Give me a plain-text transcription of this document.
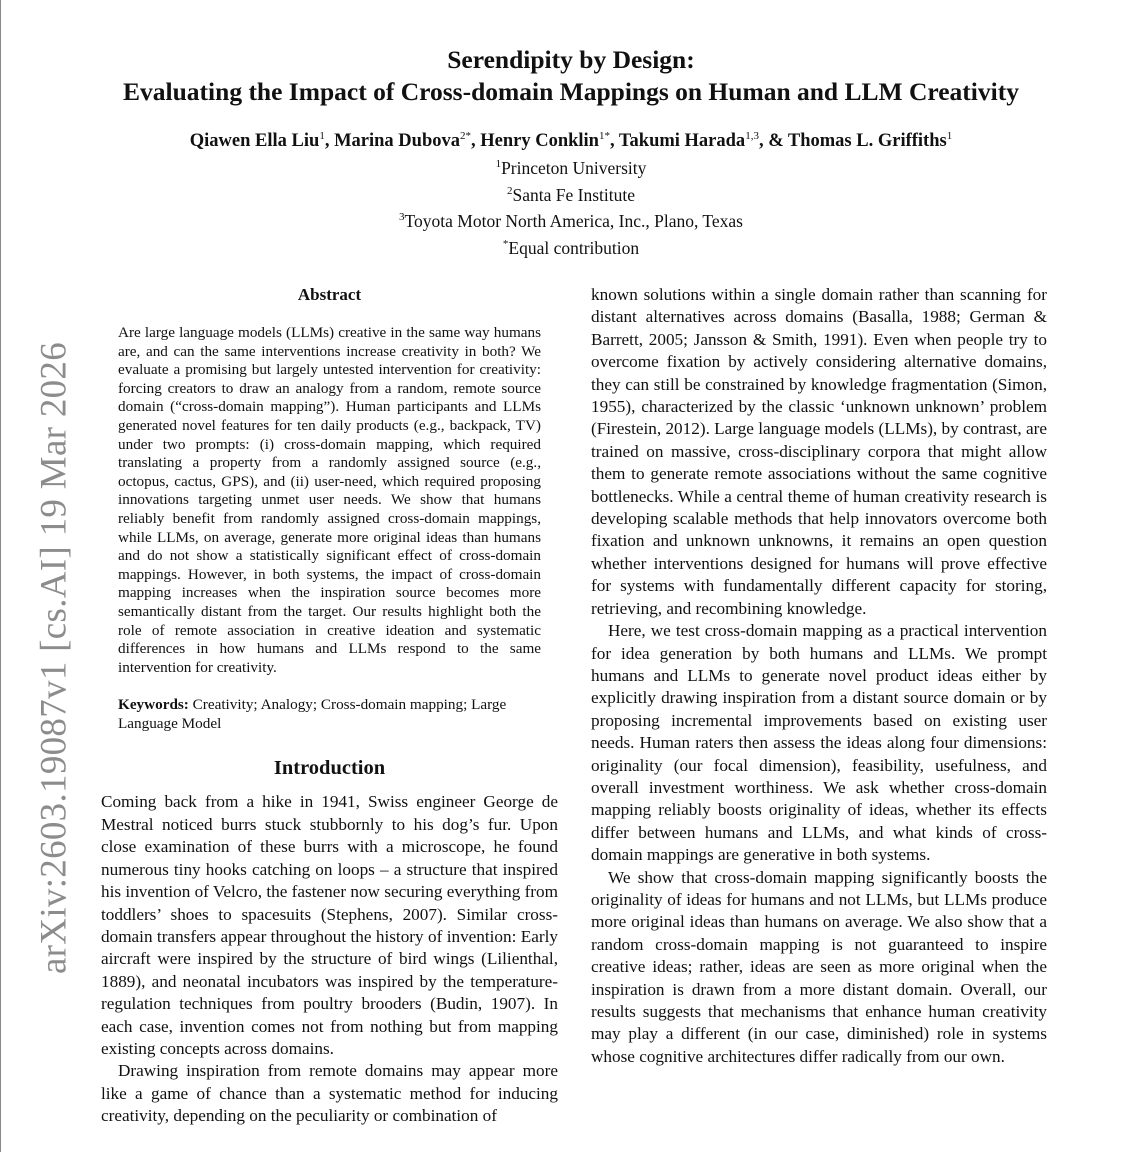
arXiv:2603.19087v1 [cs.AI] 19 Mar 2026
Serendipity by Design:
Evaluating the Impact of Cross-domain Mappings on Human and LLM Creativity
Qiawen Ella Liu$^1$, Marina Dubova$^{2*}$, Henry Conklin$^{1*}$, Takumi Harada$^{1,3}$, & Thomas L. Griffiths$^1$
$^1$Princeton University
$^2$Santa Fe Institute
$^3$Toyota Motor North America, Inc., Plano, Texas
*Equal contribution
Abstract
Are large language models (LLMs) creative in the same way humans are, and can the same interventions increase creativity in both? We evaluate a promising but largely untested intervention for creativity: forcing creators to draw an analogy from a random, remote source domain (“cross-domain mapping”). Human participants and LLMs generated novel features for ten daily products (e.g., backpack, TV) under two prompts: (i) cross-domain mapping, which required translating a property from a randomly assigned source (e.g., octopus, cactus, GPS), and (ii) user-need, which required proposing innovations targeting unmet user needs. We show that humans reliably benefit from randomly assigned cross-domain mappings, while LLMs, on average, generate more original ideas than humans and do not show a statistically significant effect of cross-domain mappings. However, in both systems, the impact of cross-domain mapping increases when the inspiration source becomes more semantically distant from the target. Our results highlight both the role of remote association in creative ideation and systematic differences in how humans and LLMs respond to the same intervention for creativity.
Keywords: Creativity; Analogy; Cross-domain mapping; Large Language Model
Introduction

Coming back from a hike in 1941, Swiss engineer George de Mestral noticed burrs stuck stubbornly to his dog’s fur. Upon close examination of these burrs with a microscope, he found numerous tiny hooks catching on loops – a structure that inspired his invention of Velcro, the fastener now securing everything from toddlers’ shoes to spacesuits (Stephens, 2007). Similar cross-domain transfers appear throughout the history of invention: Early aircraft were inspired by the structure of bird wings (Lilienthal, 1889), and neonatal incubators was inspired by the temperature-regulation techniques from poultry brooders (Budin, 1907). In each case, invention comes not from nothing but from mapping existing concepts across domains.

Drawing inspiration from remote domains may appear more like a game of chance than a systematic method for inducing creativity, depending on the peculiarity or combination of

known solutions within a single domain rather than scanning for distant alternatives across domains (Basalla, 1988; German & Barrett, 2005; Jansson & Smith, 1991). Even when people try to overcome fixation by actively considering alternative domains, they can still be constrained by knowledge fragmentation (Simon, 1955), characterized by the classic ‘unknown unknown’ problem (Firestein, 2012). Large language models (LLMs), by contrast, are trained on massive, cross-disciplinary corpora that might allow them to generate remote associations without the same cognitive bottlenecks. While a central theme of human creativity research is developing scalable methods that help innovators overcome both fixation and unknown unknowns, it remains an open question whether interventions designed for humans will prove effective for systems with fundamentally different capacity for storing, retrieving, and recombining knowledge.

Here, we test cross-domain mapping as a practical intervention for idea generation by both humans and LLMs. We prompt humans and LLMs to generate novel product ideas either by explicitly drawing inspiration from a distant source domain or by proposing incremental improvements based on existing user needs. Human raters then assess the ideas along four dimensions: originality (our focal dimension), feasibility, usefulness, and overall investment worthiness. We ask whether cross-domain mapping reliably boosts originality of ideas, whether its effects differ between humans and LLMs, and what kinds of cross-domain mappings are generative in both systems.

We show that cross-domain mapping significantly boosts the originality of ideas for humans and not LLMs, but LLMs produce more original ideas than humans on average. We also show that a random cross-domain mapping is not guaranteed to inspire creative ideas; rather, ideas are seen as more original when the inspiration is drawn from a more distant domain. Overall, our results suggests that mechanisms that enhance human creativity may play a different (in our case, diminished) role in systems whose cognitive architectures differ radically from our own.
